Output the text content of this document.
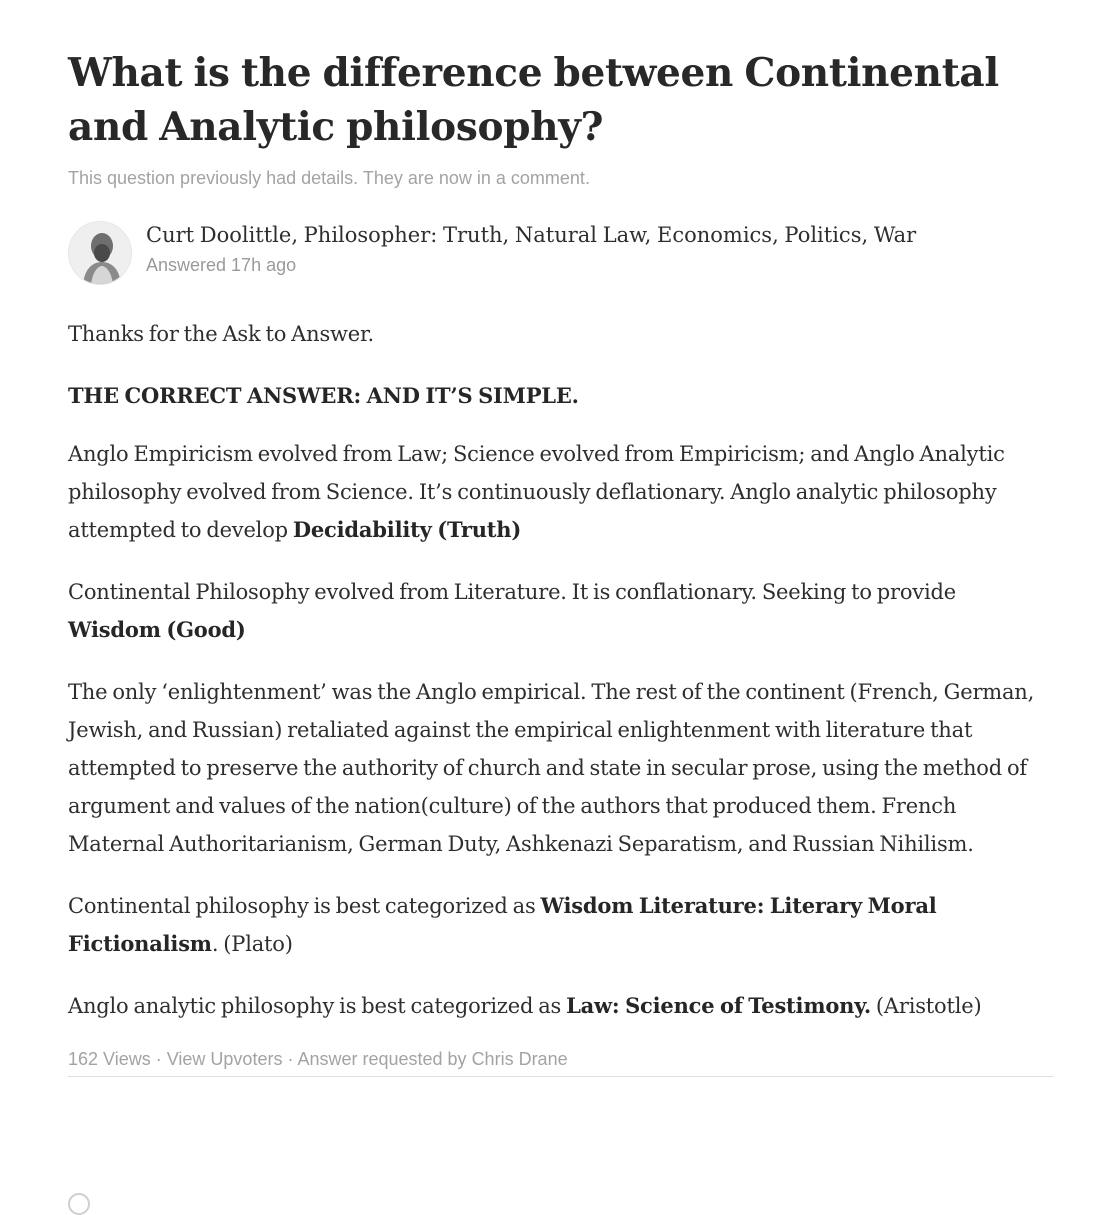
What is the difference between Continental and Analytic philosophy?
This question previously had details. They are now in a comment.
Curt Doolittle, Philosopher: Truth, Natural Law, Economics, Politics, War
Answered 17h ago

Thanks for the Ask to Answer.

THE CORRECT ANSWER: AND IT’S SIMPLE.

Anglo Empiricism evolved from Law; Science evolved from Empiricism; and Anglo Analytic philosophy evolved from Science. It’s continuously deflationary. Anglo analytic philosophy attempted to develop Decidability (Truth)

Continental Philosophy evolved from Literature. It is conflationary. Seeking to provide Wisdom (Good)

The only ‘enlightenment’ was the Anglo empirical. The rest of the continent (French, German, Jewish, and Russian) retaliated against the empirical enlightenment with literature that attempted to preserve the authority of church and state in secular prose, using the method of argument and values of the nation(culture) of the authors that produced them. French Maternal Authoritarianism, German Duty, Ashkenazi Separatism, and Russian Nihilism.

Continental philosophy is best categorized as Wisdom Literature: Literary Moral Fictionalism. (Plato)

Anglo analytic philosophy is best categorized as Law: Science of Testimony. (Aristotle)

162 Views · View Upvoters · Answer requested by Chris Drane
